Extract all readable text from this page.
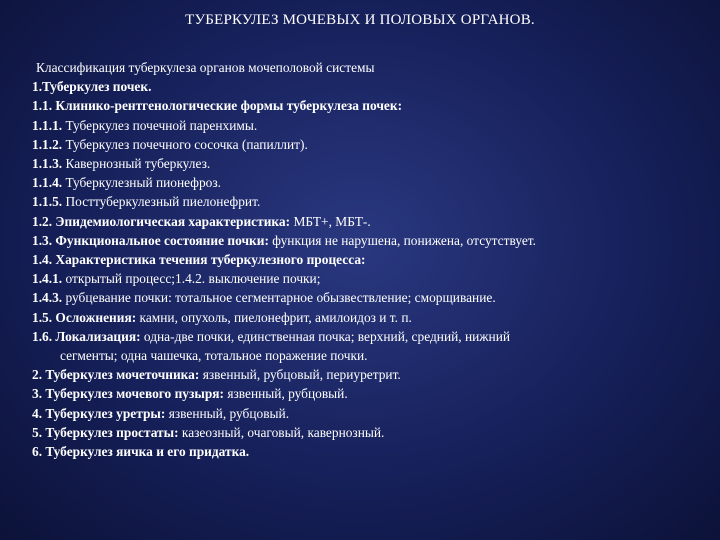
ТУБЕРКУЛЕЗ МОЧЕВЫХ И ПОЛОВЫХ ОРГАНОВ.
Классификация туберкулеза органов мочеполовой системы
1.Туберкулез почек.
1.1. Клинико-рентгенологические формы туберкулеза почек:
1.1.1. Туберкулез почечной паренхимы.
1.1.2. Туберкулез почечного сосочка (папиллит).
1.1.3. Кавернозный туберкулез.
1.1.4. Туберкулезный пионефроз.
1.1.5. Посттуберкулезный пиелонефрит.
1.2. Эпидемиологическая характеристика: МБТ+, МБТ-.
1.3. Функциональное состояние почки: функция не нарушена, понижена, отсутствует.
1.4. Характеристика течения туберкулезного процесса:
1.4.1. открытый процесс;1.4.2. выключение почки;
1.4.3. рубцевание почки: тотальное сегментарное обызвествление; сморщивание.
1.5. Осложнения: камни, опухоль, пиелонефрит, амилоидоз и т. п.
1.6. Локализация: одна-две почки, единственная почка; верхний, средний, нижний
сегменты; одна чашечка, тотальное поражение почки.
2. Туберкулез мочеточника: язвенный, рубцовый, периуретрит.
3. Туберкулез мочевого пузыря: язвенный, рубцовый.
4. Туберкулез уретры: язвенный, рубцовый.
5. Туберкулез простаты: казеозный, очаговый, кавернозный.
6. Туберкулез яичка и его придатка.
